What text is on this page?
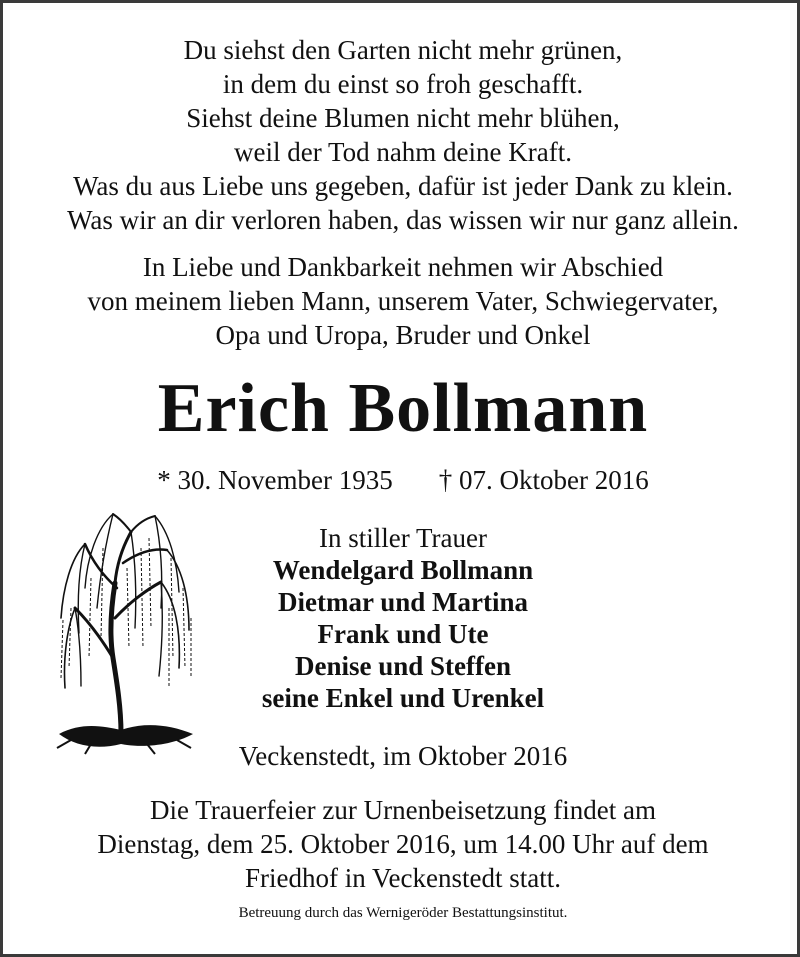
Du siehst den Garten nicht mehr grünen,
in dem du einst so froh geschafft.
Siehst deine Blumen nicht mehr blühen,
weil der Tod nahm deine Kraft.
Was du aus Liebe uns gegeben, dafür ist jeder Dank zu klein.
Was wir an dir verloren haben, das wissen wir nur ganz allein.
In Liebe und Dankbarkeit nehmen wir Abschied
von meinem lieben Mann, unserem Vater, Schwiegervater,
Opa und Uropa, Bruder und Onkel
Erich Bollmann
* 30. November 1935 † 07. Oktober 2016
In stiller Trauer
Wendelgard Bollmann
Dietmar und Martina
Frank und Ute
Denise und Steffen
seine Enkel und Urenkel
Veckenstedt, im Oktober 2016
Die Trauerfeier zur Urnenbeisetzung findet am
Dienstag, dem 25. Oktober 2016, um 14.00 Uhr auf dem
Friedhof in Veckenstedt statt.
Betreuung durch das Wernigeröder Bestattungsinstitut.
